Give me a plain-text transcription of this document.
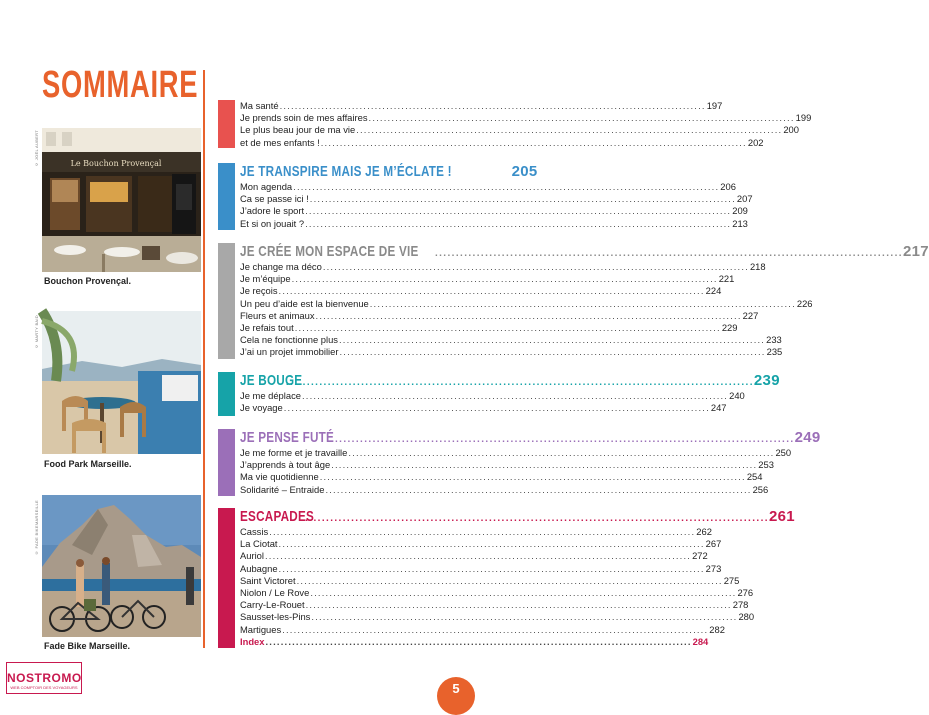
SOMMAIRE
© JOËL AUBERT	Le Bouchon Provençal
Bouchon Provençal.
© MARTY BAID
Food Park Marseille.
© FADE BIKEMARSEILLE
Fade Bike Marseille.
Ma santé .....	197
Je prends soin de mes affaires .....	199
Le plus beau jour de ma vie .....	200
et de mes enfants ! .....	202
JE TRANSPIRE MAIS JE M’ÉCLATE !	205
Mon agenda .....	206
Ca se passe ici ! .....	207
J’adore le sport .....	209
Et si on jouait ? .....	213
JE CRÉE MON ESPACE DE VIE .....	217
Je change ma déco .....	218
Je m’équipe .....	221
Je reçois .....	224
Un peu d’aide est la bienvenue .....	226
Fleurs et animaux .....	227
Je refais tout .....	229
Cela ne fonctionne plus .....	233
J’ai un projet immobilier .....	235
JE BOUGE .....	239
Je me déplace .....	240
Je voyage .....	247
JE PENSE FUTÉ .....	249
Je me forme et je travaille .....	250
J’apprends à tout âge .....	253
Ma vie quotidienne .....	254
Solidarité – Entraide .....	256
ESCAPADES .....	261
Cassis .....	262
La Ciotat .....	267
Auriol .....	272
Aubagne .....	273
Saint Victoret .....	275
Niolon / Le Rove .....	276
Carry-Le-Rouet .....	278
Sausset-les-Pins .....	280
Martigues .....	282
Index .....	284
NOSTROMO
WEB COMPTOIR DES VOYAGEURS	5
